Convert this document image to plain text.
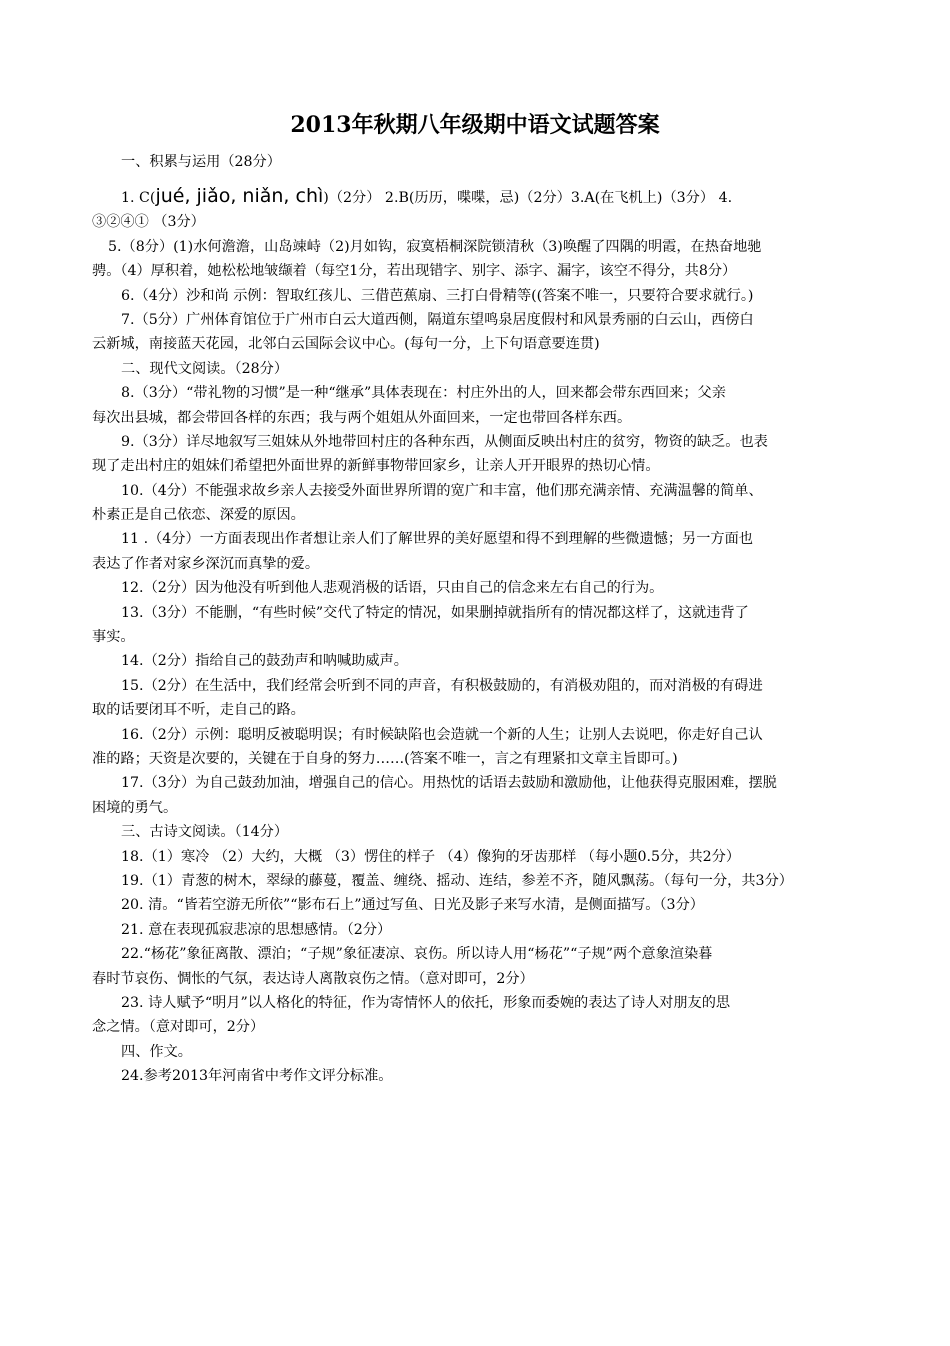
2013年秋期八年级期中语文试题答案
一、积累与运用（28分）
1. C(jué, jiǎo, niǎn, chì)（2分） 2.B(历历，喋喋，忌)（2分）3.A(在飞机上)（3分） 4.
③②④① （3分）
5.（8分）(1)水何澹澹，山岛竦峙（2)月如钩，寂寞梧桐深院锁清秋（3)唤醒了四隅的明霞，在热奋地驰
骋。（4）厚积着，她松松地皱缬着（每空1分，若出现错字、别字、添字、漏字，该空不得分，共8分）
6.（4分）沙和尚 示例：智取红孩儿、三借芭蕉扇、三打白骨精等((答案不唯一，只要符合要求就行。)
7.（5分）广州体育馆位于广州市白云大道西侧，隔道东望鸣泉居度假村和风景秀丽的白云山，西傍白
云新城，南接蓝天花园，北邻白云国际会议中心。(每句一分，上下句语意要连贯)
二、现代文阅读。（28分）
8.（3分）“带礼物的习惯”是一种“继承”具体表现在：村庄外出的人，回来都会带东西回来；父亲
每次出县城，都会带回各样的东西；我与两个姐姐从外面回来，一定也带回各样东西。
9.（3分）详尽地叙写三姐妹从外地带回村庄的各种东西，从侧面反映出村庄的贫穷，物资的缺乏。也表
现了走出村庄的姐妹们希望把外面世界的新鲜事物带回家乡，让亲人开开眼界的热切心情。
10.（4分）不能强求故乡亲人去接受外面世界所谓的宽广和丰富，他们那充满亲情、充满温馨的简单、
朴素正是自己依恋、深爱的原因。
11 .（4分）一方面表现出作者想让亲人们了解世界的美好愿望和得不到理解的些微遗憾；另一方面也
表达了作者对家乡深沉而真挚的爱。
12.（2分）因为他没有听到他人悲观消极的话语，只由自己的信念来左右自己的行为。
13.（3分）不能删，“有些时候”交代了特定的情况，如果删掉就指所有的情况都这样了，这就违背了
事实。
14.（2分）指给自己的鼓劲声和呐喊助威声。
15.（2分）在生活中，我们经常会听到不同的声音，有积极鼓励的，有消极劝阻的，而对消极的有碍进
取的话要闭耳不听，走自己的路。
16.（2分）示例：聪明反被聪明误；有时候缺陷也会造就一个新的人生；让别人去说吧，你走好自己认
准的路；天资是次要的，关键在于自身的努力……(答案不唯一，言之有理紧扣文章主旨即可。)
17.（3分）为自己鼓劲加油，增强自己的信心。用热忱的话语去鼓励和激励他，让他获得克服困难，摆脱
困境的勇气。
三、古诗文阅读。（14分）
18.（1）寒冷 （2）大约，大概 （3）愣住的样子 （4）像狗的牙齿那样 （每小题0.5分，共2分）
19.（1）青葱的树木，翠绿的藤蔓，覆盖、缠绕、摇动、连结，参差不齐，随风飘荡。（每句一分，共3分）
20. 清。“皆若空游无所依”“影布石上”通过写鱼、日光及影子来写水清，是侧面描写。（3分）
21. 意在表现孤寂悲凉的思想感情。（2分）
22.“杨花”象征离散、漂泊；“子规”象征凄凉、哀伤。所以诗人用“杨花”“子规”两个意象渲染暮
春时节哀伤、惆怅的气氛，表达诗人离散哀伤之情。（意对即可，2分）
23. 诗人赋予“明月”以人格化的特征，作为寄情怀人的依托，形象而委婉的表达了诗人对朋友的思
念之情。（意对即可，2分）
四、作文。
24.参考2013年河南省中考作文评分标准。
